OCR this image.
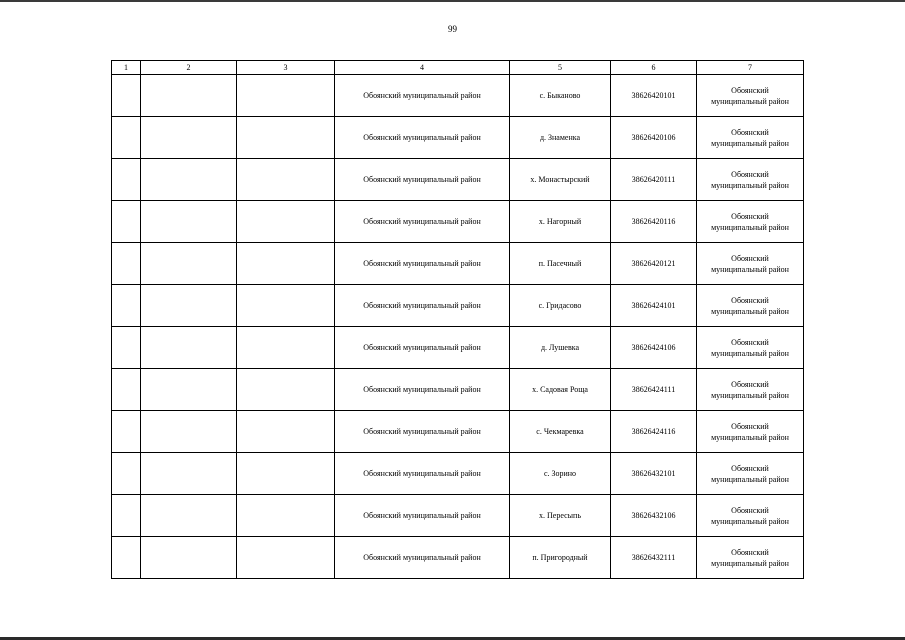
99
1	2	3	4	5	6	7
			Обоянский муниципальный район	с. Быканово	38626420101	Обоянский
муниципальный район

			Обоянский муниципальный район	д. Знаменка	38626420106	Обоянский
муниципальный район

			Обоянский муниципальный район	х. Монастырский	38626420111	Обоянский
муниципальный район

			Обоянский муниципальный район	х. Нагорный	38626420116	Обоянский
муниципальный район

			Обоянский муниципальный район	п. Пасечный	38626420121	Обоянский
муниципальный район

			Обоянский муниципальный район	с. Гридасово	38626424101	Обоянский
муниципальный район

			Обоянский муниципальный район	д. Лушевка	38626424106	Обоянский
муниципальный район

			Обоянский муниципальный район	х. Садовая Роща	38626424111	Обоянский
муниципальный район

			Обоянский муниципальный район	с. Чекмаревка	38626424116	Обоянский
муниципальный район

			Обоянский муниципальный район	с. Зорино	38626432101	Обоянский
муниципальный район

			Обоянский муниципальный район	х. Пересыпь	38626432106	Обоянский
муниципальный район

			Обоянский муниципальный район	п. Пригородный	38626432111	Обоянский
муниципальный район
